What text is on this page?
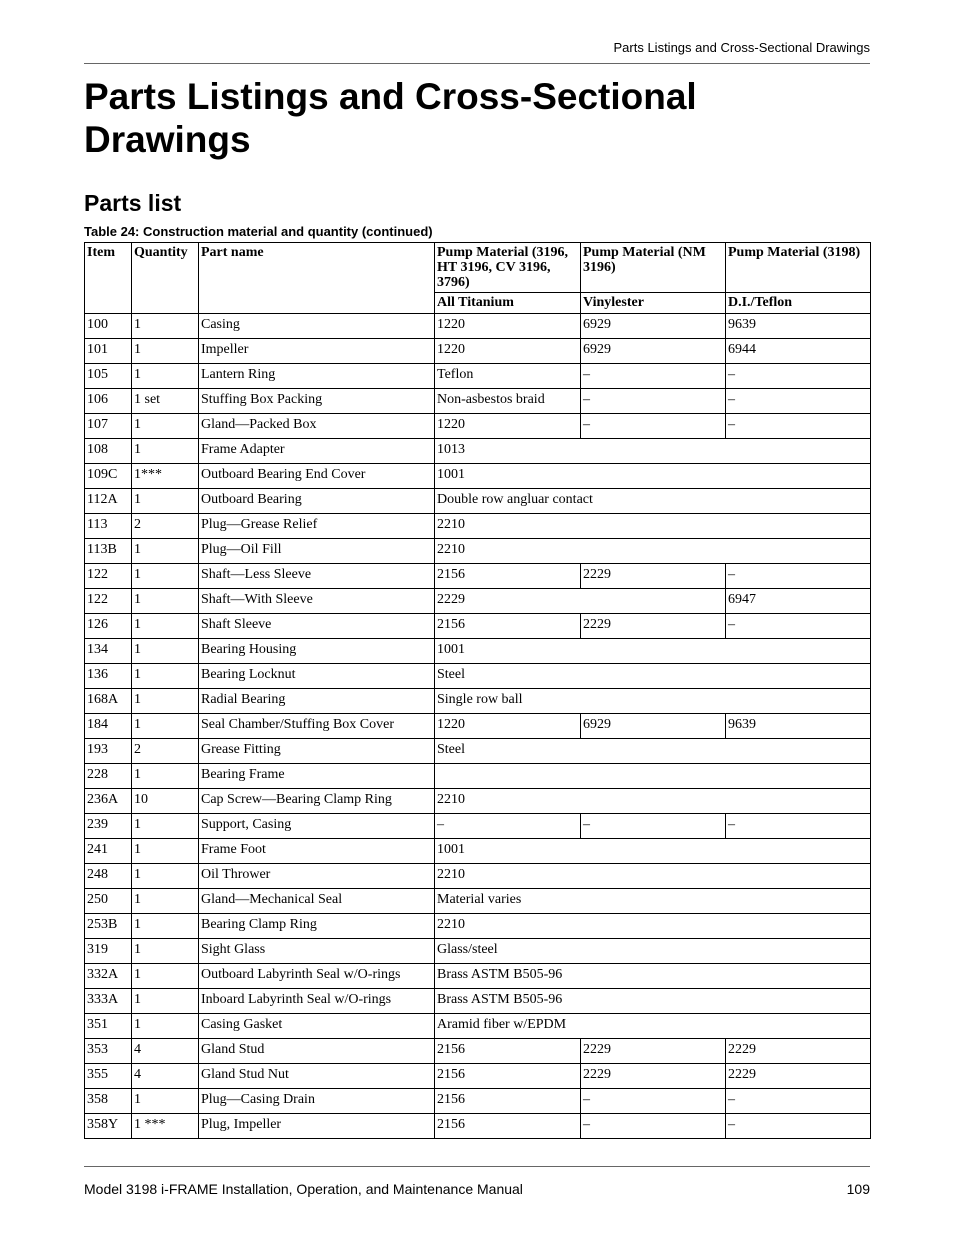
Parts Listings and Cross-Sectional Drawings
Parts Listings and Cross-Sectional Drawings
Parts list
Table 24: Construction material and quantity (continued)
Item	Quantity	Part name	Pump Material (3196, HT 3196, CV 3196, 3796)	Pump Material (NM 3196)	Pump Material (3198)
			All Titanium	Vinylester	D.I./Teflon
100	1	Casing	1220	6929	9639
101	1	Impeller	1220	6929	6944
105	1	Lantern Ring	Teflon	–	–
106	1 set	Stuffing Box Packing	Non-asbestos braid	–	–
107	1	Gland—Packed Box	1220	–	–
108	1	Frame Adapter	1013		
109C	1***	Outboard Bearing End Cover	1001		
112A	1	Outboard Bearing	Double row angluar contact		
113	2	Plug—Grease Relief	2210		
113B	1	Plug—Oil Fill	2210		
122	1	Shaft—Less Sleeve	2156	2229	–
122	1	Shaft—With Sleeve	2229		6947
126	1	Shaft Sleeve	2156	2229	–
134	1	Bearing Housing	1001		
136	1	Bearing Locknut	Steel		
168A	1	Radial Bearing	Single row ball		
184	1	Seal Chamber/Stuffing Box Cover	1220	6929	9639
193	2	Grease Fitting	Steel		
228	1	Bearing Frame			
236A	10	Cap Screw—Bearing Clamp Ring	2210		
239	1	Support, Casing	–	–	–
241	1	Frame Foot	1001		
248	1	Oil Thrower	2210		
250	1	Gland—Mechanical Seal	Material varies		
253B	1	Bearing Clamp Ring	2210		
319	1	Sight Glass	Glass/steel		
332A	1	Outboard Labyrinth Seal w/O-rings	Brass ASTM B505-96		
333A	1	Inboard Labyrinth Seal w/O-rings	Brass ASTM B505-96		
351	1	Casing Gasket	Aramid fiber w/EPDM		
353	4	Gland Stud	2156	2229	2229
355	4	Gland Stud Nut	2156	2229	2229
358	1	Plug—Casing Drain	2156	–	–
358Y	1 ***	Plug, Impeller	2156	–	–
Model 3198 i-FRAME Installation, Operation, and Maintenance Manual	109
